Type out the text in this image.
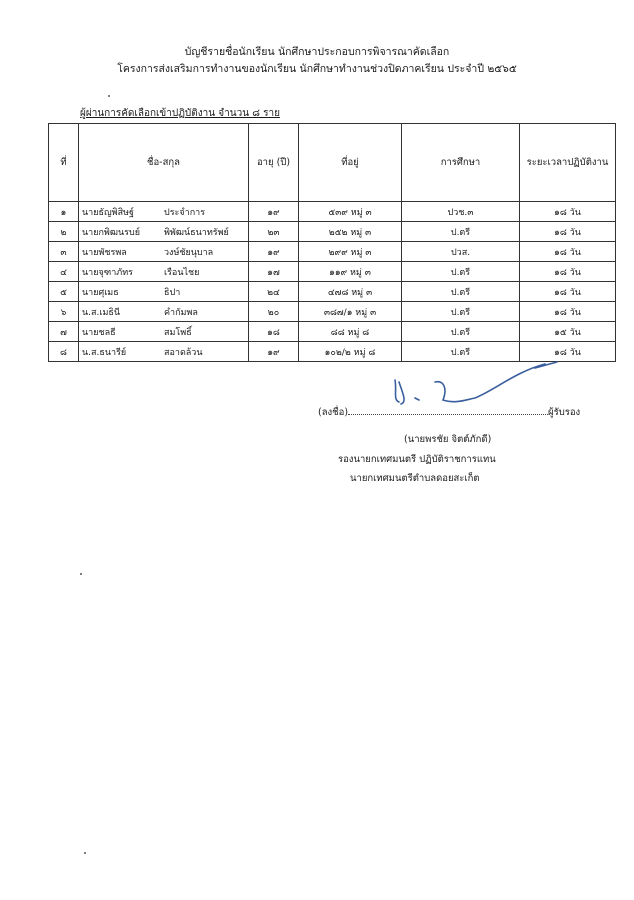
บัญชีรายชื่อนักเรียน นักศึกษาประกอบการพิจารณาคัดเลือก
โครงการส่งเสริมการทำงานของนักเรียน นักศึกษาทำงานช่วงปิดภาคเรียน ประจำปี ๒๕๖๕
ผู้ผ่านการคัดเลือกเข้าปฏิบัติงาน จำนวน ๘ ราย
ที่	ชื่อ-สกุล	อายุ (ปี)	ที่อยู่	การศึกษา	ระยะเวลาปฏิบัติงาน
๑	นายธัญพิสิษฐ์ ประจำการ	๑๙	๕๓๙ หมู่ ๓	ปวช.๓	๑๘ วัน
๒	นายกพิฒนรบย์ พิพัฒน์ธนาทรัพย์	๒๓	๒๕๒ หมู่ ๓	ป.ตรี	๑๘ วัน
๓	นายพัชรพล วงษ์ชัยนุบาล	๑๙	๒๙๙ หมู่ ๓	ปวส.	๑๘ วัน
๔	นายจุฑาภัทร เรือนไชย	๑๗	๑๑๙ หมู่ ๓	ป.ตรี	๑๘ วัน
๕	นายศุเมธ ธิปา	๒๔	๔๗๘ หมู่ ๓	ป.ตรี	๑๘ วัน
๖	น.ส.เมธินี คำกัมพล	๒๐	๓๘๗/๑ หมู่ ๓	ป.ตรี	๑๘ วัน
๗	นายชลธี สมโพธิ์	๑๘	๘๘ หมู่ ๘	ป.ตรี	๑๕ วัน
๘	น.ส.ธนารีย์ สอาดล้วน	๑๙	๑๐๒/๒ หมู่ ๘	ป.ตรี	๑๘ วัน
(ลงชื่อ)	ผู้รับรอง
(นายพรชัย จิตต์ภักดี)
รองนายกเทศมนตรี ปฏิบัติราชการแทน
นายกเทศมนตรีตำบลดอยสะเก็ต
